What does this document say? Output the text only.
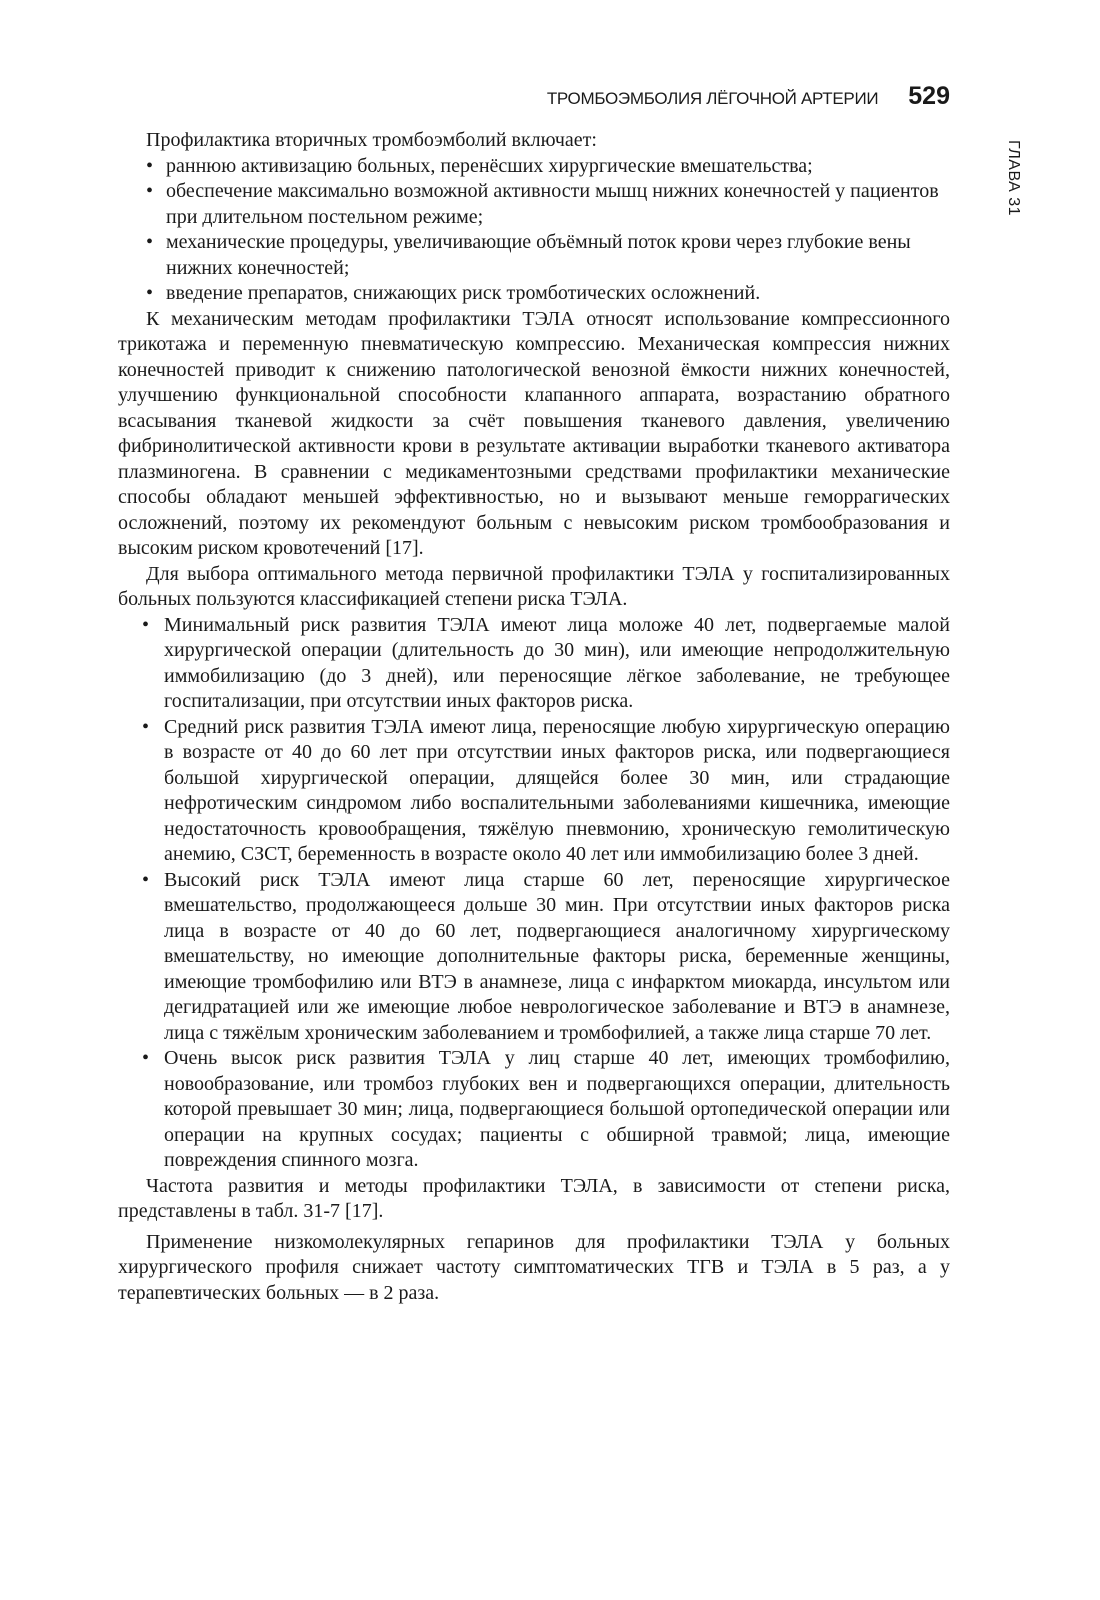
ТРОМБОЭМБОЛИЯ ЛЁГОЧНОЙ АРТЕРИИ 529
ГЛАВА 31

Профилактика вторичных тромбоэмболий включает:

• раннюю активизацию больных, перенёсших хирургические вмешательства;
• обеспечение максимально возможной активности мышц нижних конечностей у пациентов при длительном постельном режиме;
• механические процедуры, увеличивающие объёмный поток крови через глубокие вены нижних конечностей;
• введение препаратов, снижающих риск тромботических осложнений.

К механическим методам профилактики ТЭЛА относят использование компрессионного трикотажа и переменную пневматическую компрессию. Механическая компрессия нижних конечностей приводит к снижению патологической венозной ёмкости нижних конечностей, улучшению функциональной способности клапанного аппарата, возрастанию обратного всасывания тканевой жидкости за счёт повышения тканевого давления, увеличению фибринолитической активности крови в результате активации выработки тканевого активатора плазминогена. В сравнении с медикаментозными средствами профилактики механические способы обладают меньшей эффективностью, но и вызывают меньше геморрагических осложнений, поэтому их рекомендуют больным с невысоким риском тромбообразования и высоким риском кровотечений [17].

Для выбора оптимального метода первичной профилактики ТЭЛА у госпитализированных больных пользуются классификацией степени риска ТЭЛА.

• Минимальный риск развития ТЭЛА имеют лица моложе 40 лет, подвергаемые малой хирургической операции (длительность до 30 мин), или имеющие непродолжительную иммобилизацию (до 3 дней), или переносящие лёгкое заболевание, не требующее госпитализации, при отсутствии иных факторов риска.
• Средний риск развития ТЭЛА имеют лица, переносящие любую хирургическую операцию в возрасте от 40 до 60 лет при отсутствии иных факторов риска, или подвергающиеся большой хирургической операции, длящейся более 30 мин, или страдающие нефротическим синдромом либо воспалительными заболеваниями кишечника, имеющие недостаточность кровообращения, тяжёлую пневмонию, хроническую гемолитическую анемию, СЗСТ, беременность в возрасте около 40 лет или иммобилизацию более 3 дней.
• Высокий риск ТЭЛА имеют лица старше 60 лет, переносящие хирургическое вмешательство, продолжающееся дольше 30 мин. При отсутствии иных факторов риска лица в возрасте от 40 до 60 лет, подвергающиеся аналогичному хирургическому вмешательству, но имеющие дополнительные факторы риска, беременные женщины, имеющие тромбофилию или ВТЭ в анамнезе, лица с инфарктом миокарда, инсультом или дегидратацией или же имеющие любое неврологическое заболевание и ВТЭ в анамнезе, лица с тяжёлым хроническим заболеванием и тромбофилией, а также лица старше 70 лет.
• Очень высок риск развития ТЭЛА у лиц старше 40 лет, имеющих тромбофилию, новообразование, или тромбоз глубоких вен и подвергающихся операции, длительность которой превышает 30 мин; лица, подвергающиеся большой ортопедической операции или операции на крупных сосудах; пациенты с обширной травмой; лица, имеющие повреждения спинного мозга.

Частота развития и методы профилактики ТЭЛА, в зависимости от степени риска, представлены в табл. 31-7 [17].

Применение низкомолекулярных гепаринов для профилактики ТЭЛА у больных хирургического профиля снижает частоту симптоматических ТГВ и ТЭЛА в 5 раз, а у терапевтических больных — в 2 раза.
